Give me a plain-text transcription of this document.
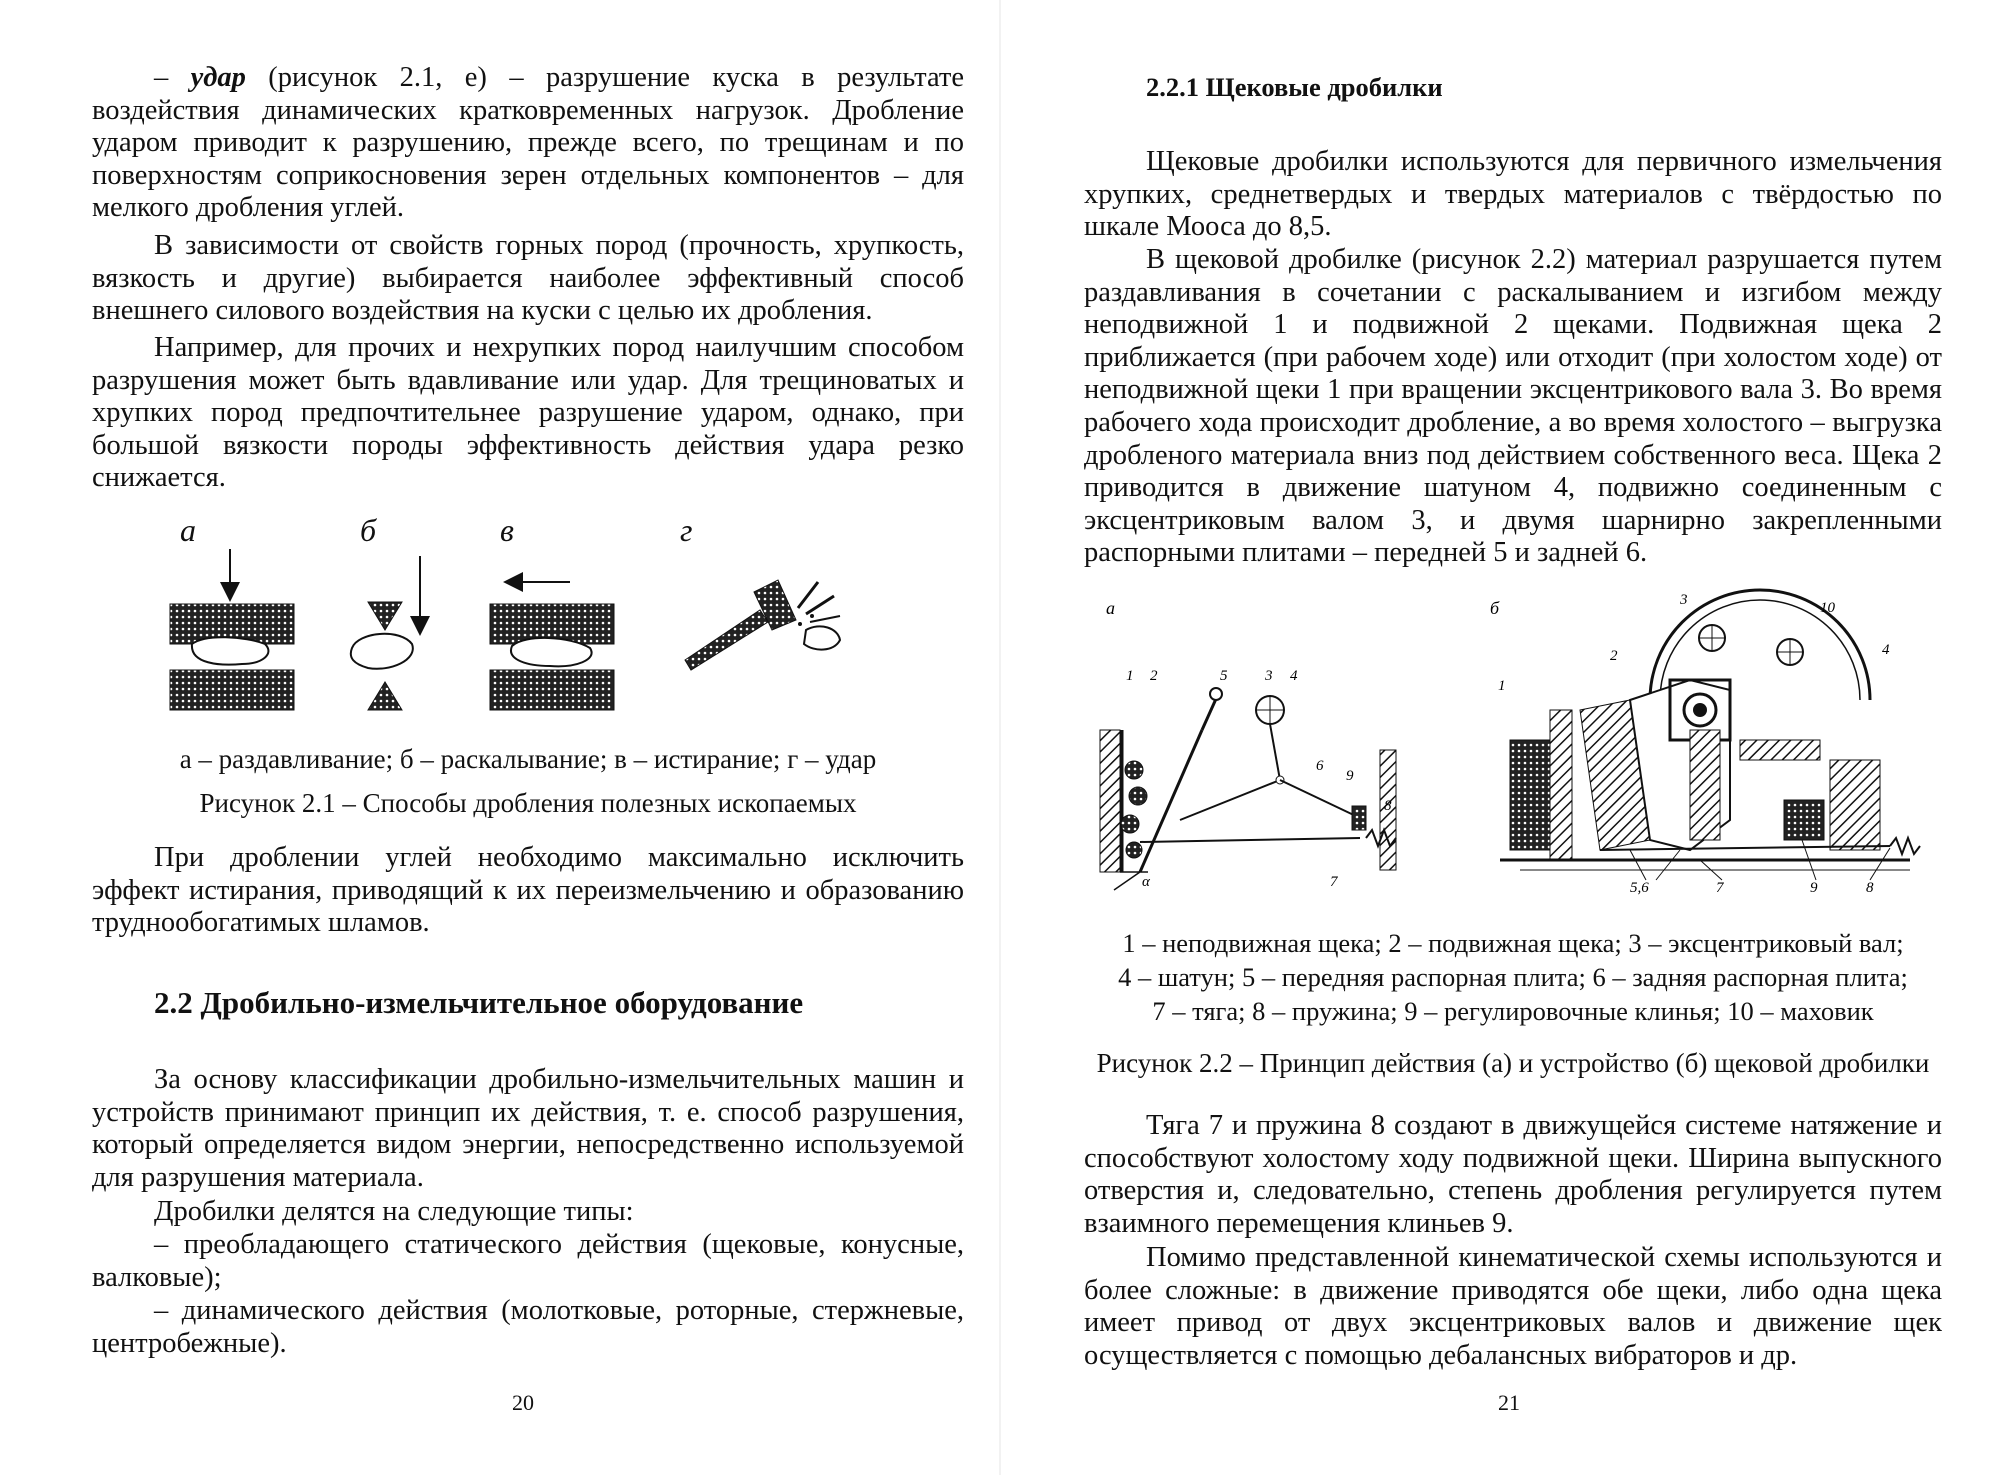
– удар (рисунок 2.1, е) – разрушение куска в результате воздействия динамических кратковременных нагрузок. Дробление ударом приводит к разрушению, прежде всего, по трещинам и по поверхностям соприкосновения зерен отдельных компонентов – для мелкого дробления углей.

В зависимости от свойств горных пород (прочность, хрупкость, вязкость и другие) выбирается наиболее эффективный способ внешнего силового воздействия на куски с целью их дробления.

Например, для прочих и нехрупких пород наилучшим способом разрушения может быть вдавливание или удар. Для трещиноватых и хрупких пород предпочтительнее разрушение ударом, однако, при большой вязкости породы эффективность действия удара резко снижается.

а	б	в	г

а – раздавливание; б – раскалывание; в – истирание; г – удар

Рисунок 2.1 – Способы дробления полезных ископаемых

При дроблении углей необходимо максимально исключить эффект истирания, приводящий к их переизмельчению и образованию труднообогатимых шламов.

2.2 Дробильно-измельчительное оборудование

За основу классификации дробильно-измельчительных машин и устройств принимают принцип их действия, т. е. способ разрушения, который определяется видом энергии, непосредственно используемой для разрушения материала.

Дробилки делятся на следующие типы:

– преобладающего статического действия (щековые, конусные, валковые);

– динамического действия (молотковые, роторные, стержневые, центробежные).

20

2.2.1 Щековые дробилки

Щековые дробилки используются для первичного измельчения хрупких, среднетвердых и твердых материалов с твёрдостью по шкале Мооса до 8,5.

В щековой дробилке (рисунок 2.2) материал разрушается путем раздавливания в сочетании с раскалыванием и изгибом между неподвижной 1 и подвижной 2 щеками. Подвижная щека 2 приближается (при рабочем ходе) или отходит (при холостом ходе) от неподвижной щеки 1 при вращении эксцентрикового вала 3. Во время рабочего хода происходит дробление, а во время холостого – выгрузка дробленого материала вниз под действием собственного веса. Щека 2 приводится в движение шатуном 4, подвижно соединенным с эксцентриковым валом 3, и двумя шарнирно закрепленными распорными плитами – передней 5 и задней 6.

а
1 2	5	3 4
6
9
8
7
α
б	3	10
2
1
4
5,6	7	9	8

1 – неподвижная щека; 2 – подвижная щека; 3 – эксцентриковый вал;

4 – шатун; 5 – передняя распорная плита; 6 – задняя распорная плита;

7 – тяга; 8 – пружина; 9 – регулировочные клинья; 10 – маховик

Рисунок 2.2 – Принцип действия (а) и устройство (б) щековой дробилки

Тяга 7 и пружина 8 создают в движущейся системе натяжение и способствуют холостому ходу подвижной щеки. Ширина выпускного отверстия и, следовательно, степень дробления регулируется путем взаимного перемещения клиньев 9.

Помимо представленной кинематической схемы используются и более сложные: в движение приводятся обе щеки, либо одна щека имеет привод от двух эксцентриковых валов и движение щек осуществляется с помощью дебалансных вибраторов и др.

21
